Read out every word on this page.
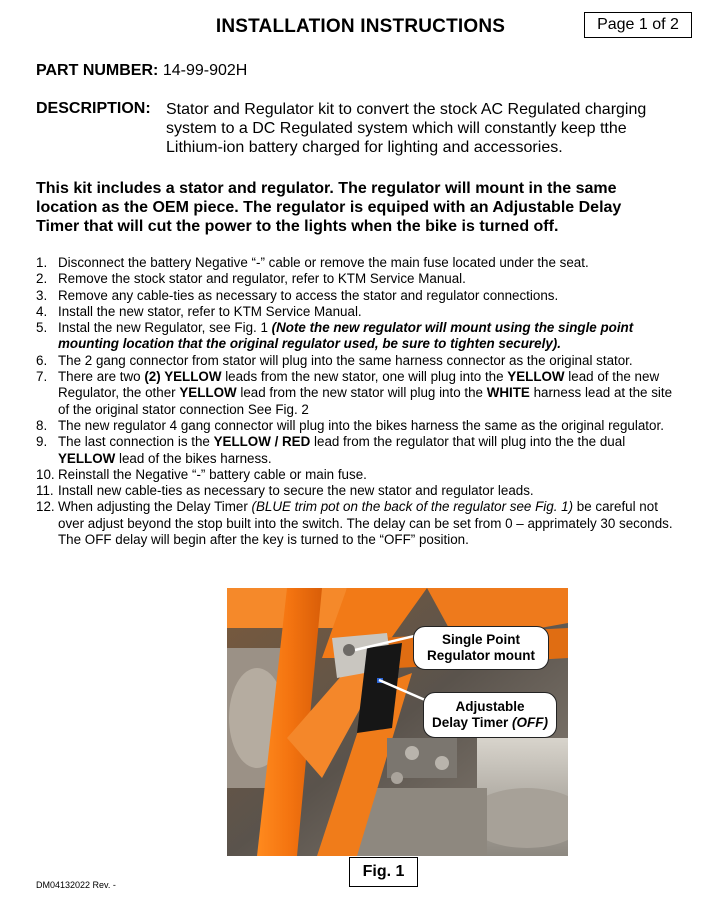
INSTALLATION INSTRUCTIONS	Page 1 of 2
PART NUMBER: 14-99-902H
DESCRIPTION: Stator and Regulator kit to convert the stock AC Regulated charging
system to a DC Regulated system which will constantly keep tthe
Lithium-ion battery charged for lighting and accessories.
This kit includes a stator and regulator. The regulator will mount in the same
location as the OEM piece. The regulator is equiped with an Adjustable Delay
Timer that will cut the power to the lights when the bike is turned off.
1. Disconnect the battery Negative “-” cable or remove the main fuse located under the seat.
2. Remove the stock stator and regulator, refer to KTM Service Manual.
3. Remove any cable-ties as necessary to access the stator and regulator connections.
4. Install the new stator, refer to KTM Service Manual.
5. Instal the new Regulator, see Fig. 1 (Note the new regulator will mount using the single point mounting location that the original regulator used, be sure to tighten securely).
6. The 2 gang connector from stator will plug into the same harness connector as the original stator.
7. There are two (2) YELLOW leads from the new stator, one will plug into the YELLOW lead of the new Regulator, the other YELLOW lead from the new stator will plug into the WHITE harness lead at the site of the original stator connection See Fig. 2
8. The new regulator 4 gang connector will plug into the bikes harness the same as the original regulator.
9. The last connection is the YELLOW / RED lead from the regulator that will plug into the the dual YELLOW lead of the bikes harness.
10. Reinstall the Negative “-” battery cable or main fuse.
11. Install new cable-ties as necessary to secure the new stator and regulator leads.
12. When adjusting the Delay Timer (BLUE trim pot on the back of the regulator see Fig. 1) be careful not over adjust beyond the stop built into the switch. The delay can be set from 0 – apprimately 30 seconds. The OFF delay will begin after the key is turned to the “OFF” position.
Single Point
Regulator mount
Adjustable
Delay Timer (OFF)
Fig. 1
DM04132022 Rev. -
